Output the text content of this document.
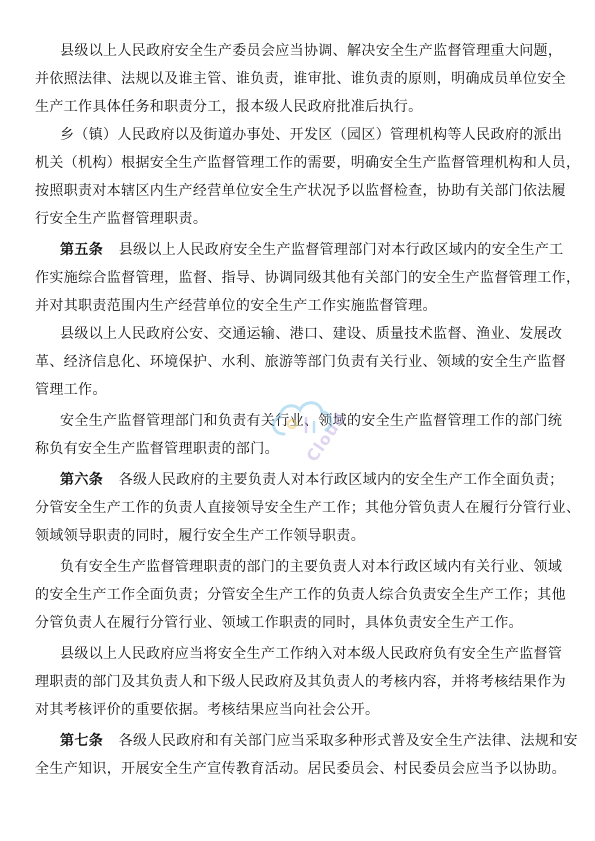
县级以上人民政府安全生产委员会应当协调、解决安全生产监督管理重大问题，
并依照法律、法规以及谁主管、谁负责，谁审批、谁负责的原则，明确成员单位安全
生产工作具体任务和职责分工，报本级人民政府批准后执行。
乡（镇）人民政府以及街道办事处、开发区（园区）管理机构等人民政府的派出
机关（机构）根据安全生产监督管理工作的需要，明确安全生产监督管理机构和人员，
按照职责对本辖区内生产经营单位安全生产状况予以监督检查，协助有关部门依法履
行安全生产监督管理职责。
第五条 县级以上人民政府安全生产监督管理部门对本行政区域内的安全生产工
作实施综合监督管理，监督、指导、协调同级其他有关部门的安全生产监督管理工作，
并对其职责范围内生产经营单位的安全生产工作实施监督管理。
县级以上人民政府公安、交通运输、港口、建设、质量技术监督、渔业、发展改
革、经济信息化、环境保护、水利、旅游等部门负责有关行业、领域的安全生产监督
管理工作。
安全生产监督管理部门和负责有关行业、领域的安全生产监督管理工作的部门统
称负有安全生产监督管理职责的部门。
第六条 各级人民政府的主要负责人对本行政区域内的安全生产工作全面负责；
分管安全生产工作的负责人直接领导安全生产工作；其他分管负责人在履行分管行业、
领域领导职责的同时，履行安全生产工作领导职责。
负有安全生产监督管理职责的部门的主要负责人对本行政区域内有关行业、领域
的安全生产工作全面负责；分管安全生产工作的负责人综合负责安全生产工作；其他
分管负责人在履行分管行业、领域工作职责的同时，具体负责安全生产工作。
县级以上人民政府应当将安全生产工作纳入对本级人民政府负有安全生产监督管
理职责的部门及其负责人和下级人民政府及其负责人的考核内容，并将考核结果作为
对其考核评价的重要依据。考核结果应当向社会公开。
第七条 各级人民政府和有关部门应当采取多种形式普及安全生产法律、法规和安
全生产知识，开展安全生产宣传教育活动。居民委员会、村民委员会应当予以协助。
Cloud
